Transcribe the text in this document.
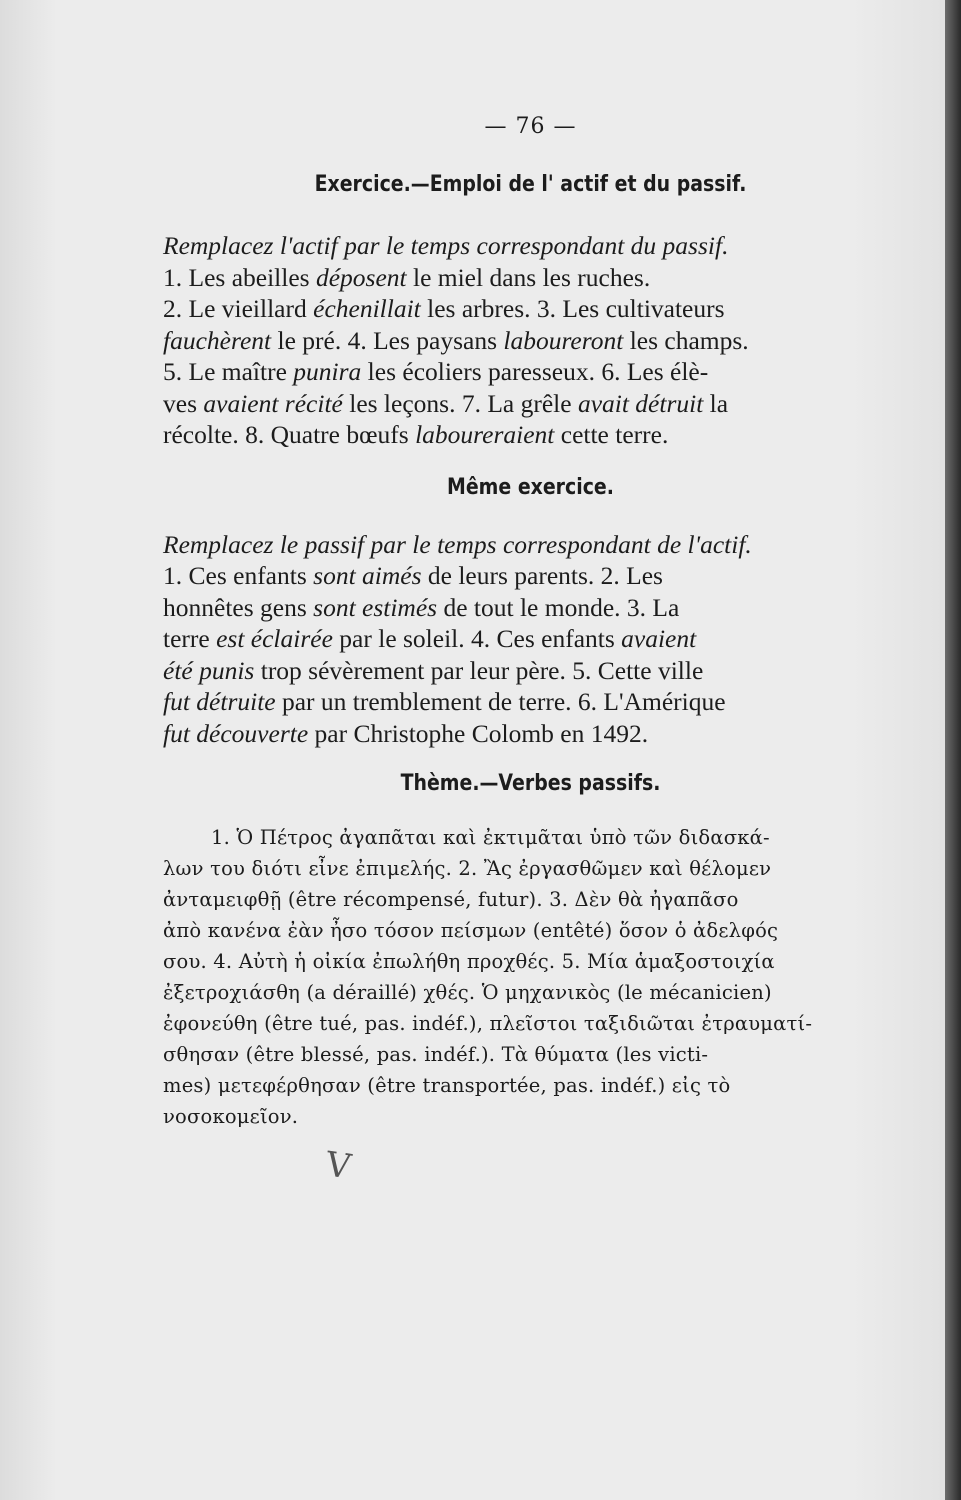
— 76 —
Exercice.—Emploi de l' actif et du passif.
Remplacez l'actif par le temps correspondant du passif.
1. Les abeilles déposent le miel dans les ruches.
2. Le vieillard échenillait les arbres. 3. Les cultivateurs
fauchèrent le pré. 4. Les paysans laboureront les champs.
5. Le maître punira les écoliers paresseux. 6. Les élè-
ves avaient récité les leçons. 7. La grêle avait détruit la
récolte. 8. Quatre bœufs laboureraient cette terre.
Même exercice.
Remplacez le passif par le temps correspondant de l'actif.
1. Ces enfants sont aimés de leurs parents. 2. Les
honnêtes gens sont estimés de tout le monde. 3. La
terre est éclairée par le soleil. 4. Ces enfants avaient
été punis trop sévèrement par leur père. 5. Cette ville
fut détruite par un tremblement de terre. 6. L'Amérique
fut découverte par Christophe Colomb en 1492.
Thème.—Verbes passifs.
1. Ὁ Πέτρος ἀγαπᾶται καὶ ἐκτιμᾶται ὑπὸ τῶν διδασκά-
λων του διότι εἶνε ἐπιμελής. 2. Ἂς ἐργασθῶμεν καὶ θέλομεν
ἀνταμειφθῇ (être récompensé, futur). 3. Δὲν θὰ ἠγαπᾶσο
ἀπὸ κανένα ἐὰν ἦσο τόσον πείσμων (entêté) ὅσον ὁ ἀδελφός
σου. 4. Αὐτὴ ἡ οἰκία ἐπωλήθη προχθές. 5. Μία ἁμαξοστοιχία
ἐξετροχιάσθη (a déraillé) χθές. Ὁ μηχανικὸς (le mécanicien)
ἐφονεύθη (être tué, pas. indéf.), πλεῖστοι ταξιδιῶται ἐτραυματί-
σθησαν (être blessé, pas. indéf.). Τὰ θύματα (les victi-
mes) μετεφέρθησαν (être transportée, pas. indéf.) εἰς τὸ
νοσοκομεῖον.
V
